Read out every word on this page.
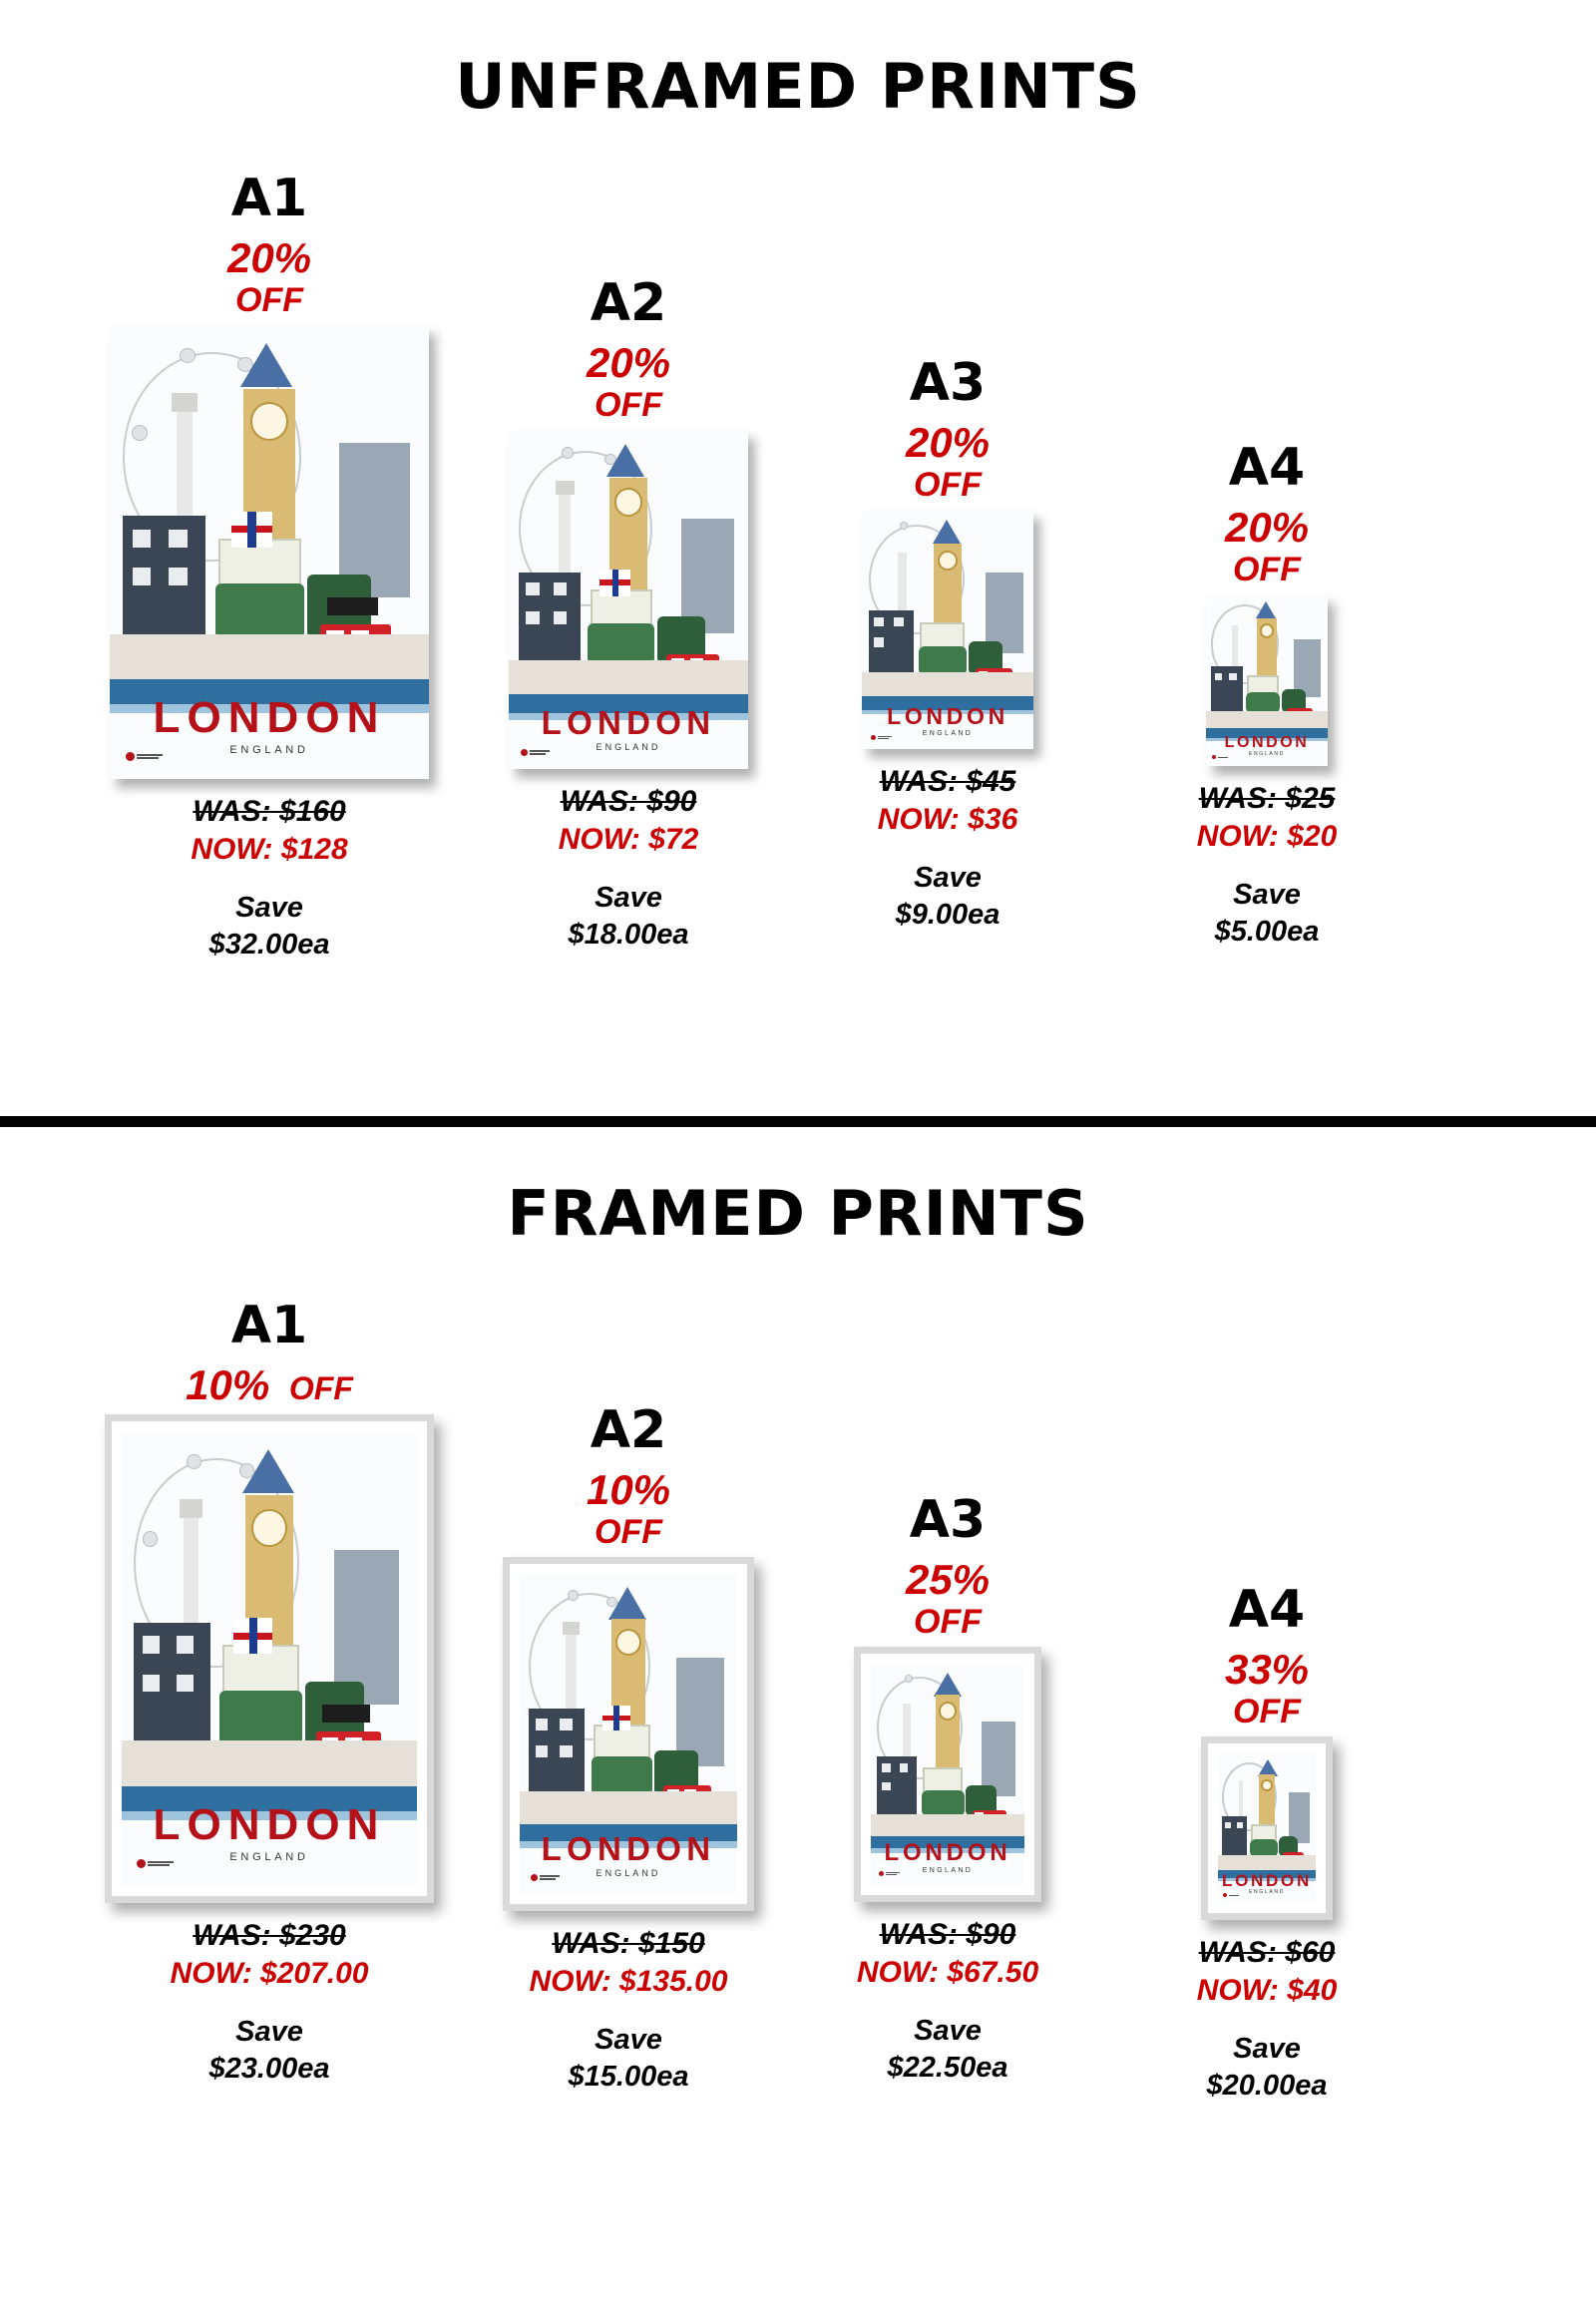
UNFRAMED PRINTS
A1
20%
OFF
LONDON
ENGLAND
WAS: $160
NOW: $128
Save
$32.00ea
A2
20%
OFF
LONDON
ENGLAND
WAS: $90
NOW: $72
Save
$18.00ea
A3
20%
OFF
LONDON
ENGLAND
WAS: $45
NOW: $36
Save
$9.00ea
A4
20%
OFF
LONDON
ENGLAND
WAS: $25
NOW: $20
Save
$5.00ea
FRAMED PRINTS
A1
10% OFF
LONDON
ENGLAND
WAS: $230
NOW: $207.00
Save
$23.00ea
A2
10%
OFF
LONDON
ENGLAND
WAS: $150
NOW: $135.00
Save
$15.00ea
A3
25%
OFF
LONDON
ENGLAND
WAS: $90
NOW: $67.50
Save
$22.50ea
A4
33%
OFF
LONDON
ENGLAND
WAS: $60
NOW: $40
Save
$20.00ea
